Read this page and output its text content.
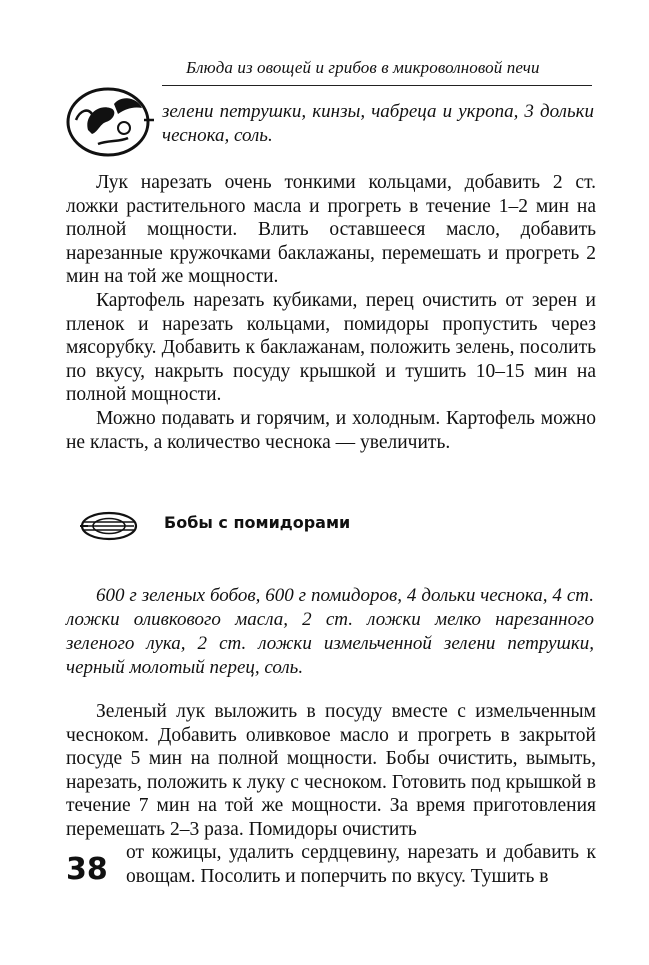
Блюда из овощей и грибов в микроволновой печи
зелени петрушки, кинзы, чабреца и укропа, 3 дольки чеснока, соль.

Лук нарезать очень тонкими кольцами, добавить 2 ст. ложки растительного масла и прогреть в течение 1–2 мин на полной мощности. Влить оставшееся масло, добавить нарезанные кружочками баклажаны, перемешать и прогреть 2 мин на той же мощности.

Картофель нарезать кубиками, перец очистить от зерен и пленок и нарезать кольцами, помидоры пропустить через мясорубку. Добавить к баклажанам, положить зелень, посолить по вкусу, накрыть посуду крышкой и тушить 10–15 мин на полной мощности.

Можно подавать и горячим, и холодным. Картофель можно не класть, а количество чеснока — увеличить.

Бобы с помидорами

600 г зеленых бобов, 600 г помидоров, 4 дольки чеснока, 4 ст. ложки оливкового масла, 2 ст. ложки мелко нарезанного зеленого лука, 2 ст. ложки измельченной зелени петрушки, черный молотый перец, соль.

Зеленый лук выложить в посуду вместе с измельченным чесноком. Добавить оливковое масло и прогреть в закрытой посуде 5 мин на полной мощности. Бобы очистить, вымыть, нарезать, положить к луку с чесноком. Готовить под крышкой в течение 7 мин на той же мощности. За время приготовления перемешать 2–3 раза. Помидоры очистить

38 от кожицы, удалить сердцевину, нарезать и добавить к овощам. Посолить и поперчить по вкусу. Тушить в
